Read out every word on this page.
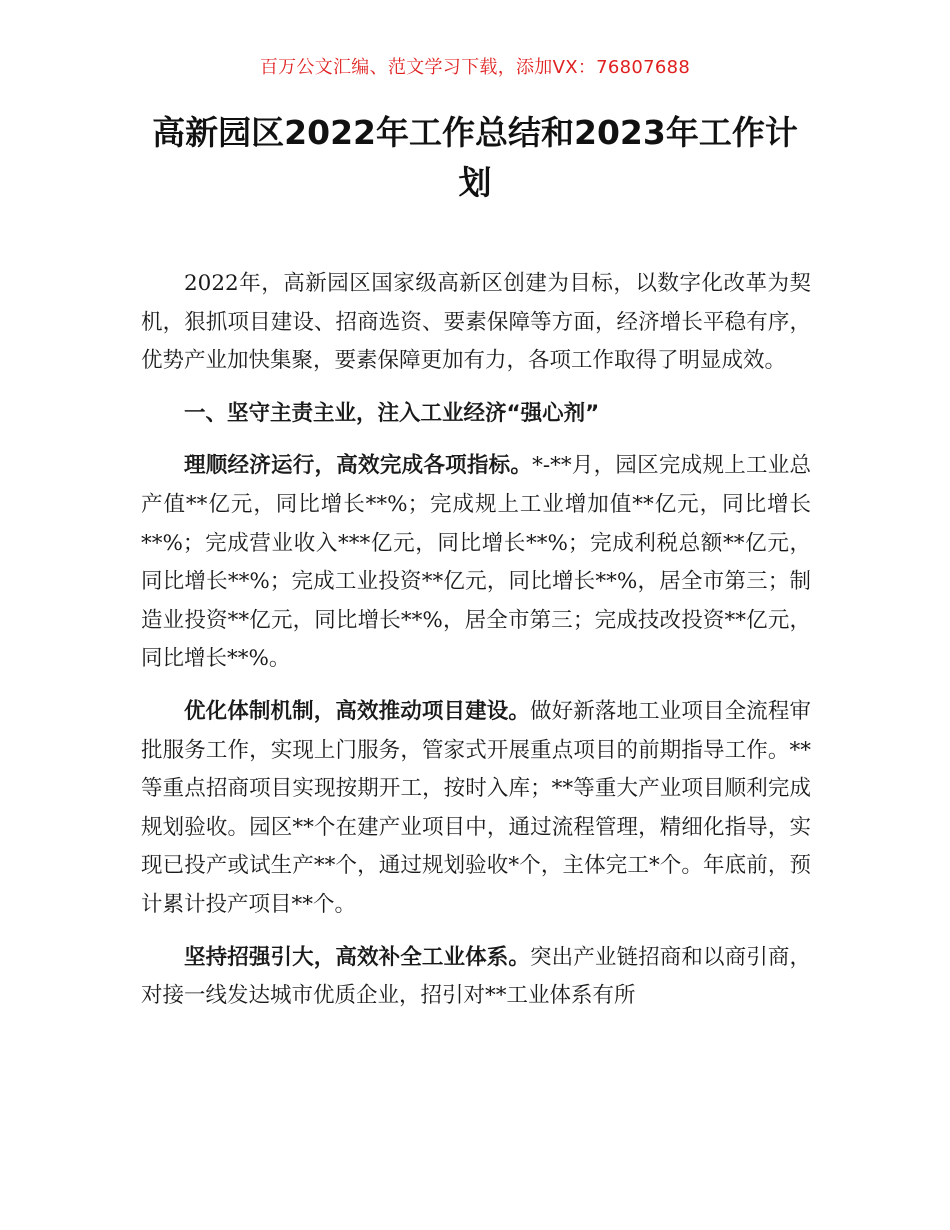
百万公文汇编、范文学习下载，添加VX：76807688
高新园区2022年工作总结和2023年工作计划

2022年，高新园区国家级高新区创建为目标，以数字化改革为契机，狠抓项目建设、招商选资、要素保障等方面，经济增长平稳有序，优势产业加快集聚，要素保障更加有力，各项工作取得了明显成效。

一、坚守主责主业，注入工业经济“强心剂”

理顺经济运行，高效完成各项指标。*-**月，园区完成规上工业总产值**亿元，同比增长**%；完成规上工业增加值**亿元，同比增长**%；完成营业收入***亿元，同比增长**%；完成利税总额**亿元，同比增长**%；完成工业投资**亿元，同比增长**%，居全市第三；制造业投资**亿元，同比增长**%，居全市第三；完成技改投资**亿元，同比增长**%。

优化体制机制，高效推动项目建设。做好新落地工业项目全流程审批服务工作，实现上门服务，管家式开展重点项目的前期指导工作。**等重点招商项目实现按期开工，按时入库；**等重大产业项目顺利完成规划验收。园区**个在建产业项目中，通过流程管理，精细化指导，实现已投产或试生产**个，通过规划验收*个，主体完工*个。年底前，预计累计投产项目**个。

坚持招强引大，高效补全工业体系。突出产业链招商和以商引商，对接一线发达城市优质企业，招引对**工业体系有所
